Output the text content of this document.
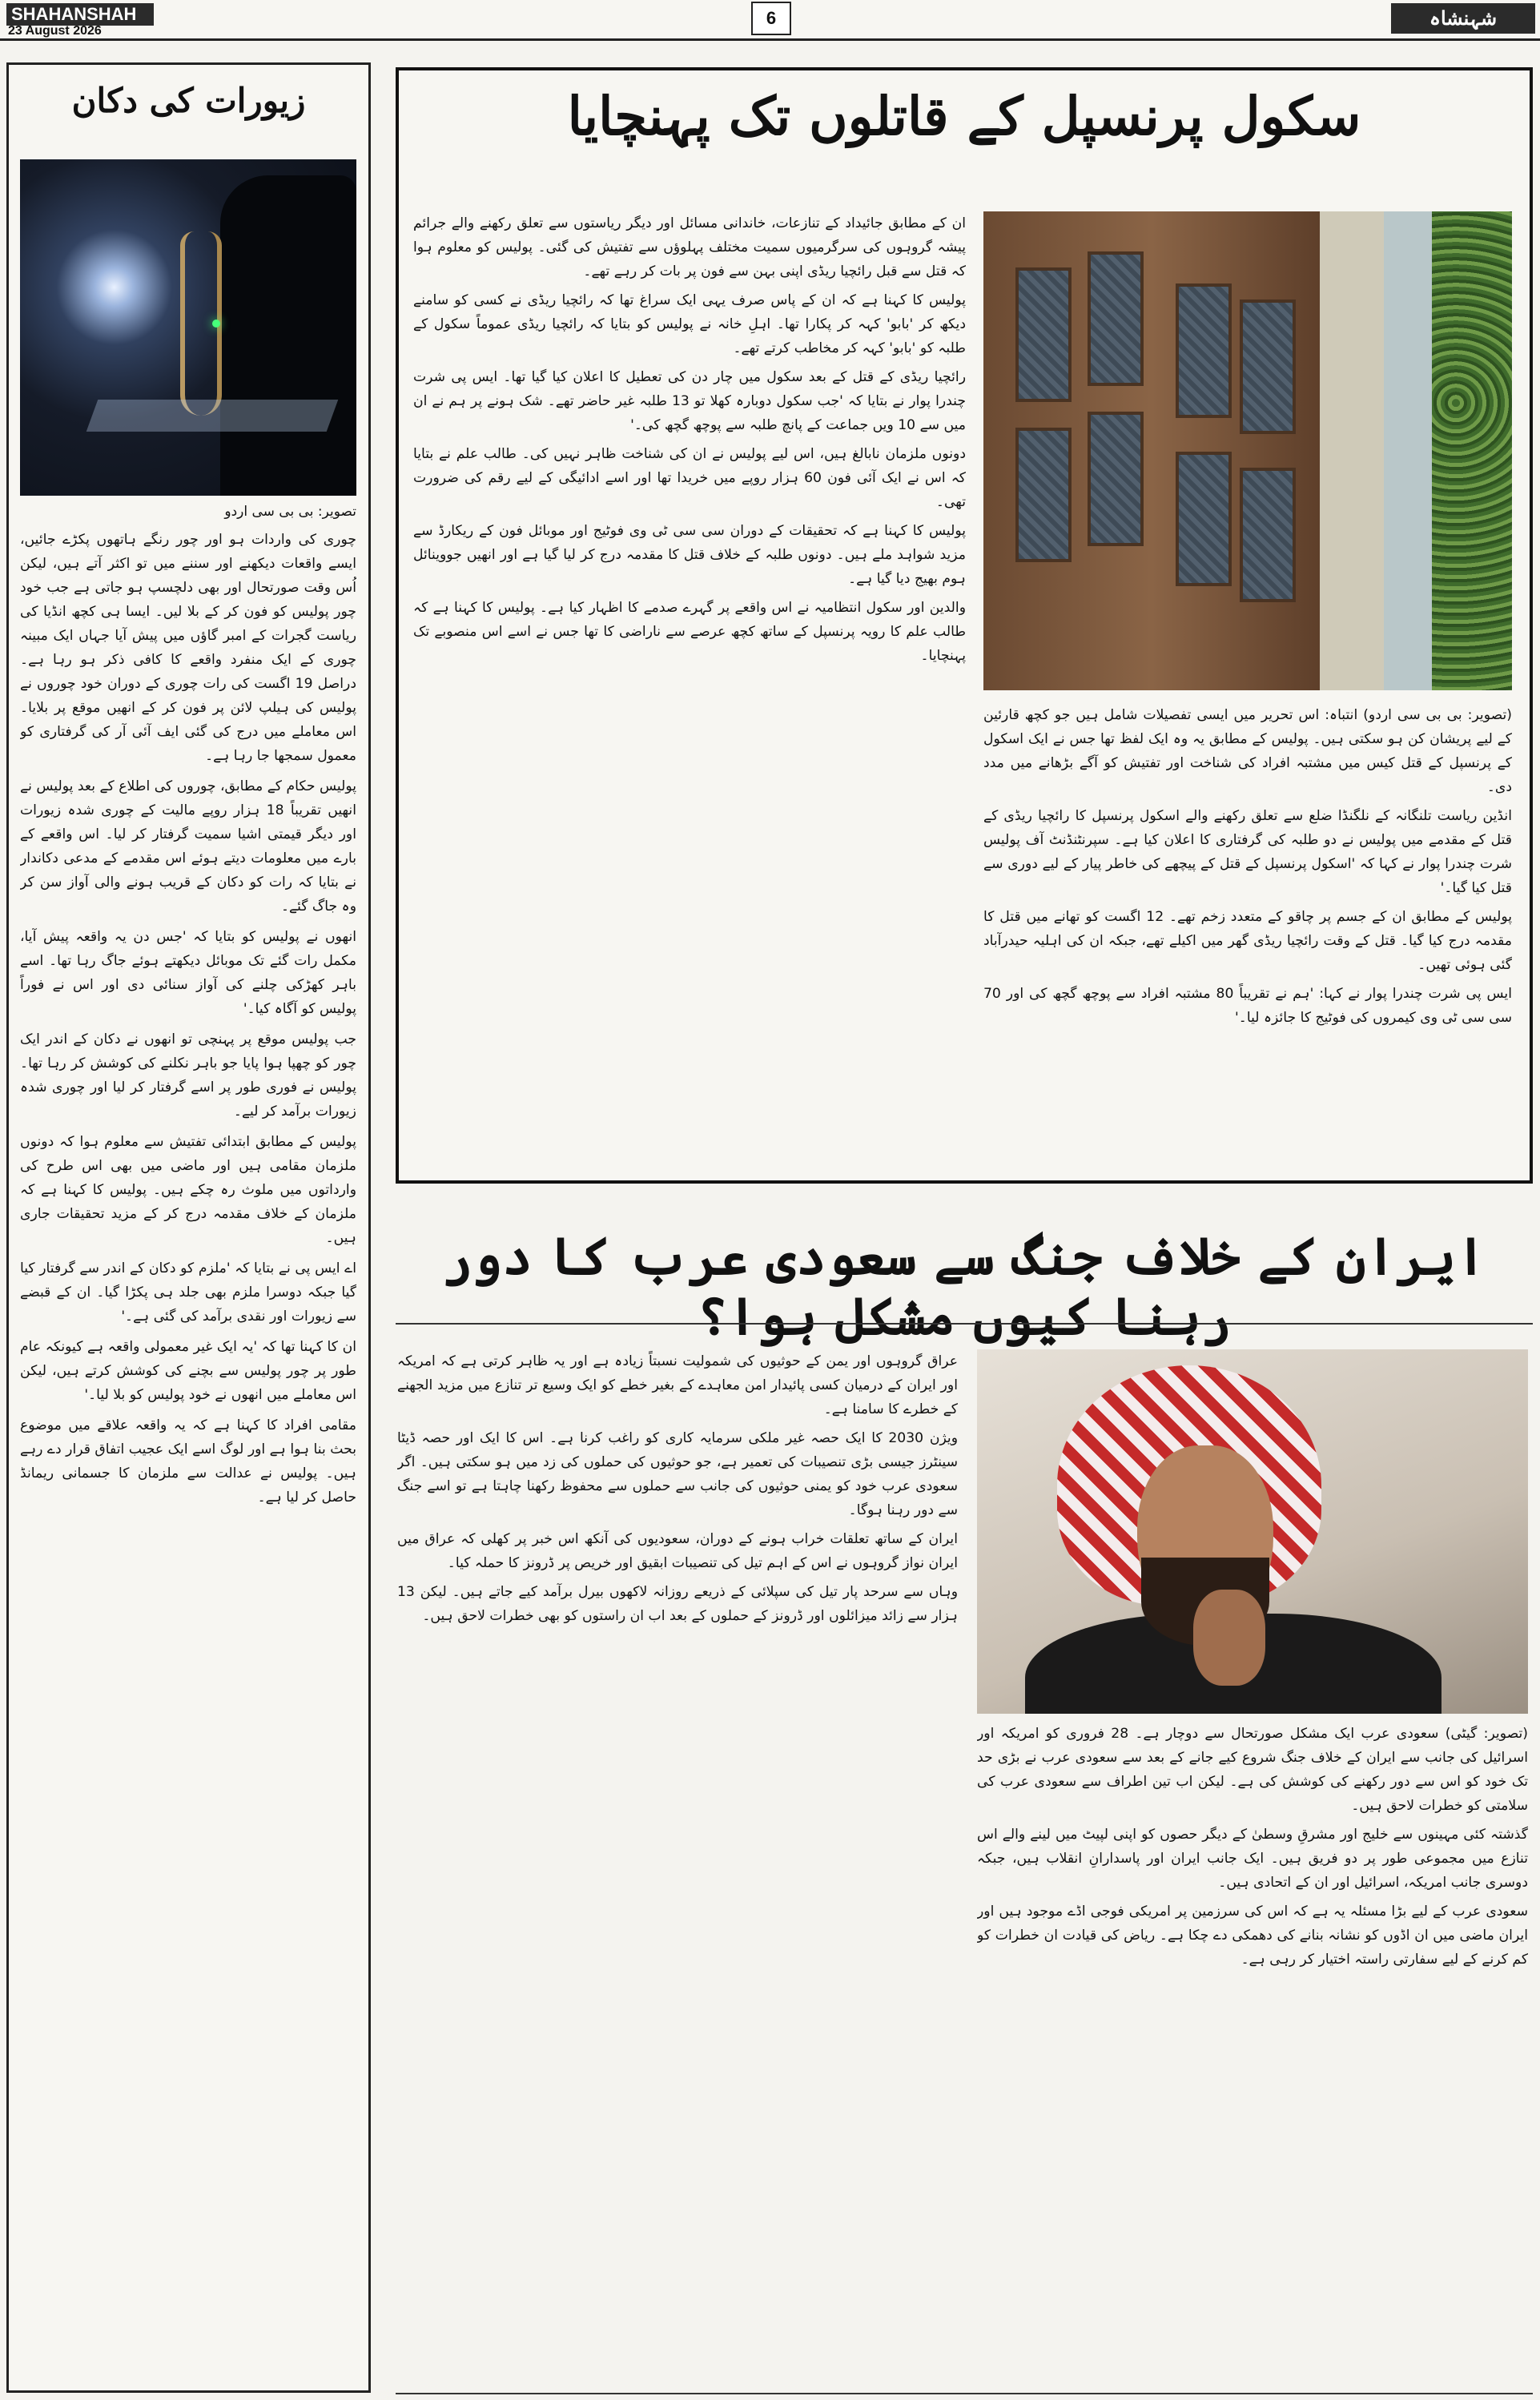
SHAHANSHAH
23 August 2026
6	شہنشاہ
زیورات کی دکان
تصویر: بی بی سی اردو

چوری کی واردات ہو اور چور رنگے ہاتھوں پکڑے جائیں، ایسے واقعات دیکھنے اور سننے میں تو اکثر آتے ہیں، لیکن اُس وقت صورتحال اور بھی دلچسپ ہو جاتی ہے جب خود چور پولیس کو فون کر کے بلا لیں۔ ایسا ہی کچھ انڈیا کی ریاست گجرات کے امبر گاؤں میں پیش آیا جہاں ایک مبینہ چوری کے ایک منفرد واقعے کا کافی ذکر ہو رہا ہے۔ دراصل 19 اگست کی رات چوری کے دوران خود چوروں نے پولیس کی ہیلپ لائن پر فون کر کے انھیں موقع پر بلایا۔ اس معاملے میں درج کی گئی ایف آئی آر کی گرفتاری کو معمول سمجھا جا رہا ہے۔

پولیس حکام کے مطابق، چوروں کی اطلاع کے بعد پولیس نے انھیں تقریباً 18 ہزار روپے مالیت کے چوری شدہ زیورات اور دیگر قیمتی اشیا سمیت گرفتار کر لیا۔ اس واقعے کے بارے میں معلومات دیتے ہوئے اس مقدمے کے مدعی دکاندار نے بتایا کہ رات کو دکان کے قریب ہونے والی آواز سن کر وہ جاگ گئے۔

انھوں نے پولیس کو بتایا کہ 'جس دن یہ واقعہ پیش آیا، مکمل رات گئے تک موبائل دیکھتے ہوئے جاگ رہا تھا۔ اسے باہر کھڑکی چلنے کی آواز سنائی دی اور اس نے فوراً پولیس کو آگاہ کیا۔'

جب پولیس موقع پر پہنچی تو انھوں نے دکان کے اندر ایک چور کو چھپا ہوا پایا جو باہر نکلنے کی کوشش کر رہا تھا۔ پولیس نے فوری طور پر اسے گرفتار کر لیا اور چوری شدہ زیورات برآمد کر لیے۔

پولیس کے مطابق ابتدائی تفتیش سے معلوم ہوا کہ دونوں ملزمان مقامی ہیں اور ماضی میں بھی اس طرح کی وارداتوں میں ملوث رہ چکے ہیں۔ پولیس کا کہنا ہے کہ ملزمان کے خلاف مقدمہ درج کر کے مزید تحقیقات جاری ہیں۔

اے ایس پی نے بتایا کہ 'ملزم کو دکان کے اندر سے گرفتار کیا گیا جبکہ دوسرا ملزم بھی جلد ہی پکڑا گیا۔ ان کے قبضے سے زیورات اور نقدی برآمد کی گئی ہے۔'

ان کا کہنا تھا کہ 'یہ ایک غیر معمولی واقعہ ہے کیونکہ عام طور پر چور پولیس سے بچنے کی کوشش کرتے ہیں، لیکن اس معاملے میں انھوں نے خود پولیس کو بلا لیا۔'

مقامی افراد کا کہنا ہے کہ یہ واقعہ علاقے میں موضوع بحث بنا ہوا ہے اور لوگ اسے ایک عجیب اتفاق قرار دے رہے ہیں۔ پولیس نے عدالت سے ملزمان کا جسمانی ریمانڈ حاصل کر لیا ہے۔

سکول پرنسپل کے قاتلوں تک پہنچایا

(تصویر: بی بی سی اردو) انتباہ: اس تحریر میں ایسی تفصیلات شامل ہیں جو کچھ قارئین کے لیے پریشان کن ہو سکتی ہیں۔ پولیس کے مطابق یہ وہ ایک لفظ تھا جس نے ایک اسکول کے پرنسپل کے قتل کیس میں مشتبہ افراد کی شناخت اور تفتیش کو آگے بڑھانے میں مدد دی۔

انڈین ریاست تلنگانہ کے نلگنڈا ضلع سے تعلق رکھنے والے اسکول پرنسپل کا رائچیا ریڈی کے قتل کے مقدمے میں پولیس نے دو طلبہ کی گرفتاری کا اعلان کیا ہے۔ سپرنٹنڈنٹ آف پولیس شرت چندرا پوار نے کہا کہ 'اسکول پرنسپل کے قتل کے پیچھے کی خاطر پیار کے لیے دوری سے قتل کیا گیا۔'

پولیس کے مطابق ان کے جسم پر چاقو کے متعدد زخم تھے۔ 12 اگست کو تھانے میں قتل کا مقدمہ درج کیا گیا۔ قتل کے وقت رائچیا ریڈی گھر میں اکیلے تھے، جبکہ ان کی اہلیہ حیدرآباد گئی ہوئی تھیں۔

ایس پی شرت چندرا پوار نے کہا: 'ہم نے تقریباً 80 مشتبہ افراد سے پوچھ گچھ کی اور 70 سی سی ٹی وی کیمروں کی فوٹیج کا جائزہ لیا۔'

ان کے مطابق جائیداد کے تنازعات، خاندانی مسائل اور دیگر ریاستوں سے تعلق رکھنے والے جرائم پیشہ گروہوں کی سرگرمیوں سمیت مختلف پہلوؤں سے تفتیش کی گئی۔ پولیس کو معلوم ہوا کہ قتل سے قبل رائچیا ریڈی اپنی بہن سے فون پر بات کر رہے تھے۔

پولیس کا کہنا ہے کہ ان کے پاس صرف یہی ایک سراغ تھا کہ رائچیا ریڈی نے کسی کو سامنے دیکھ کر 'بابو' کہہ کر پکارا تھا۔ اہلِ خانہ نے پولیس کو بتایا کہ رائچیا ریڈی عموماً سکول کے طلبہ کو 'بابو' کہہ کر مخاطب کرتے تھے۔

رائچیا ریڈی کے قتل کے بعد سکول میں چار دن کی تعطیل کا اعلان کیا گیا تھا۔ ایس پی شرت چندرا پوار نے بتایا کہ 'جب سکول دوبارہ کھلا تو 13 طلبہ غیر حاضر تھے۔ شک ہونے پر ہم نے ان میں سے 10 ویں جماعت کے پانچ طلبہ سے پوچھ گچھ کی۔'

دونوں ملزمان نابالغ ہیں، اس لیے پولیس نے ان کی شناخت ظاہر نہیں کی۔ طالب علم نے بتایا کہ اس نے ایک آئی فون 60 ہزار روپے میں خریدا تھا اور اسے ادائیگی کے لیے رقم کی ضرورت تھی۔

پولیس کا کہنا ہے کہ تحقیقات کے دوران سی سی ٹی وی فوٹیج اور موبائل فون کے ریکارڈ سے مزید شواہد ملے ہیں۔ دونوں طلبہ کے خلاف قتل کا مقدمہ درج کر لیا گیا ہے اور انھیں جووینائل ہوم بھیج دیا گیا ہے۔

والدین اور سکول انتظامیہ نے اس واقعے پر گہرے صدمے کا اظہار کیا ہے۔ پولیس کا کہنا ہے کہ طالب علم کا رویہ پرنسپل کے ساتھ کچھ عرصے سے ناراضی کا تھا جس نے اسے اس منصوبے تک پہنچایا۔

ایران کے خلاف جنگ سے سعودی عرب کا دور رہنا کیوں مشکل ہوا؟

(تصویر: گیٹی) سعودی عرب ایک مشکل صورتحال سے دوچار ہے۔ 28 فروری کو امریکہ اور اسرائیل کی جانب سے ایران کے خلاف جنگ شروع کیے جانے کے بعد سے سعودی عرب نے بڑی حد تک خود کو اس سے دور رکھنے کی کوشش کی ہے۔ لیکن اب تین اطراف سے سعودی عرب کی سلامتی کو خطرات لاحق ہیں۔

گذشتہ کئی مہینوں سے خلیج اور مشرقِ وسطیٰ کے دیگر حصوں کو اپنی لپیٹ میں لینے والے اس تنازع میں مجموعی طور پر دو فریق ہیں۔ ایک جانب ایران اور پاسدارانِ انقلاب ہیں، جبکہ دوسری جانب امریکہ، اسرائیل اور ان کے اتحادی ہیں۔

سعودی عرب کے لیے بڑا مسئلہ یہ ہے کہ اس کی سرزمین پر امریکی فوجی اڈے موجود ہیں اور ایران ماضی میں ان اڈوں کو نشانہ بنانے کی دھمکی دے چکا ہے۔ ریاض کی قیادت ان خطرات کو کم کرنے کے لیے سفارتی راستہ اختیار کر رہی ہے۔

عراق گروہوں اور یمن کے حوثیوں کی شمولیت نسبتاً زیادہ ہے اور یہ ظاہر کرتی ہے کہ امریکہ اور ایران کے درمیان کسی پائیدار امن معاہدے کے بغیر خطے کو ایک وسیع تر تنازع میں مزید الجھنے کے خطرے کا سامنا ہے۔

ویژن 2030 کا ایک حصہ غیر ملکی سرمایہ کاری کو راغب کرنا ہے۔ اس کا ایک اور حصہ ڈیٹا سینٹرز جیسی بڑی تنصیبات کی تعمیر ہے، جو حوثیوں کی حملوں کی زد میں ہو سکتی ہیں۔ اگر سعودی عرب خود کو یمنی حوثیوں کی جانب سے حملوں سے محفوظ رکھنا چاہتا ہے تو اسے جنگ سے دور رہنا ہوگا۔

ایران کے ساتھ تعلقات خراب ہونے کے دوران، سعودیوں کی آنکھ اس خبر پر کھلی کہ عراق میں ایران نواز گروہوں نے اس کے اہم تیل کی تنصیبات ابقیق اور خریص پر ڈرونز کا حملہ کیا۔

وہاں سے سرحد پار تیل کی سپلائی کے ذریعے روزانہ لاکھوں بیرل برآمد کیے جاتے ہیں۔ لیکن 13 ہزار سے زائد میزائلوں اور ڈرونز کے حملوں کے بعد اب ان راستوں کو بھی خطرات لاحق ہیں۔
